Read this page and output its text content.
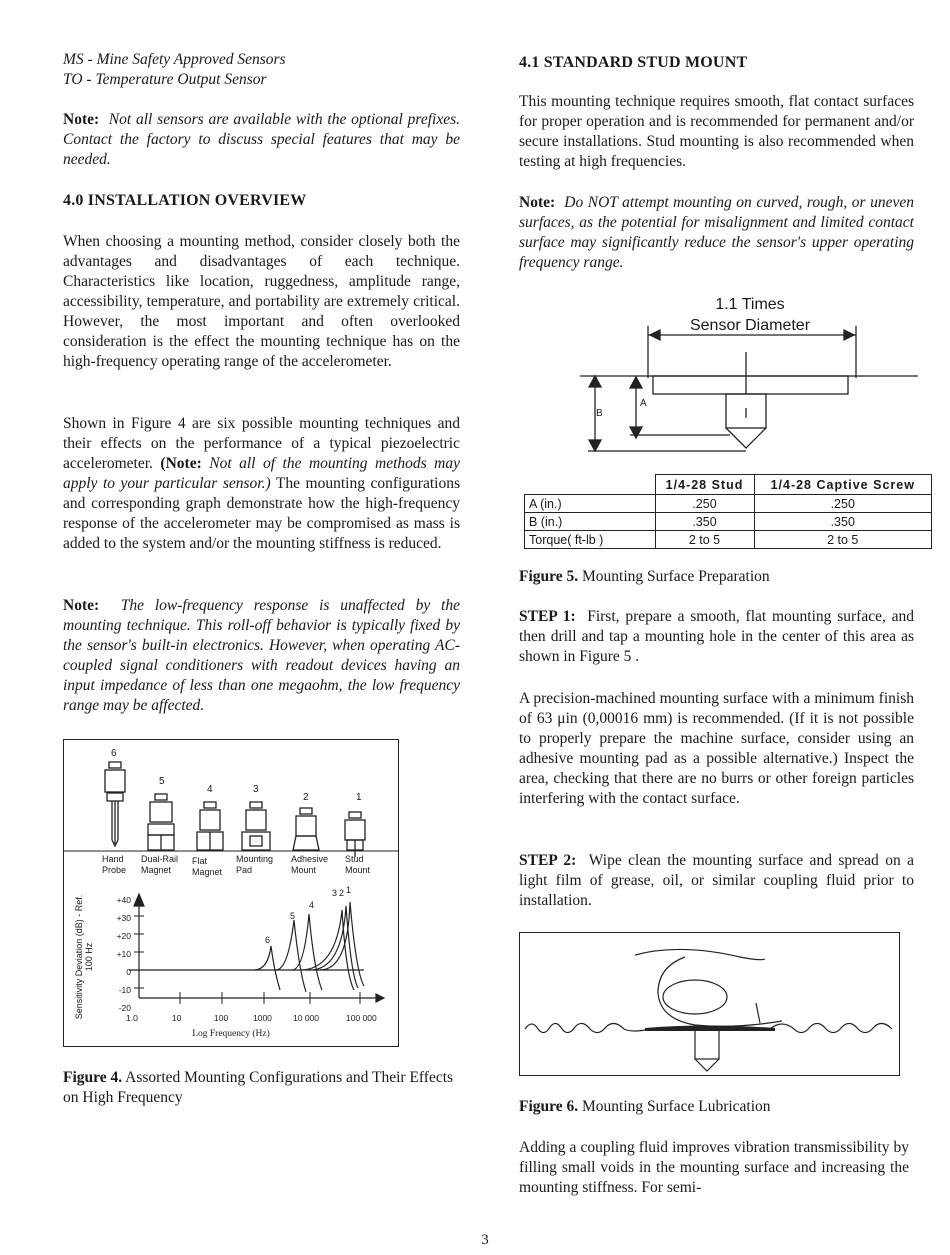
MS - Mine Safety Approved Sensors
TO - Temperature Output Sensor

Note: Not all sensors are available with the optional prefixes. Contact the factory to discuss special features that may be needed.

4.0 INSTALLATION OVERVIEW

When choosing a mounting method, consider closely both the advantages and disadvantages of each technique. Characteristics like location, ruggedness, amplitude range, accessibility, temperature, and portability are extremely critical. However, the most important and often overlooked consideration is the effect the mounting technique has on the high-frequency operating range of the accelerometer.

Shown in Figure 4 are six possible mounting techniques and their effects on the performance of a typical piezoelectric accelerometer. (Note: Not all of the mounting methods may apply to your particular sensor.) The mounting configurations and corresponding graph demonstrate how the high-frequency response of the accelerometer may be compromised as mass is added to the system and/or the mounting stiffness is reduced.

Note: The low-frequency response is unaffected by the mounting technique. This roll-off behavior is typically fixed by the sensor's built-in electronics. However, when operating AC-coupled signal conditioners with readout devices having an input impedance of less than one megaohm, the low frequency range may be affected.

6
5
4	3
2	1
Hand
Probe
Dual-Rail
Magnet
Flat
Magnet
Mounting
Pad
Adhesive
Mount
Stud
Mount
Sensitivity Deviation (dB) - Ref. 100 Hz
+40
+30
+20
+10
0
-10
-20
1.0	10	100	1000 10 000	100 000
Log Frequency (Hz)
6
5
4
3 2 1
Figure 4. Assorted Mounting Configurations and Their Effects on High Frequency
4.1 STANDARD STUD MOUNT

This mounting technique requires smooth, flat contact surfaces for proper operation and is recommended for permanent and/or secure installations. Stud mounting is also recommended when testing at high frequencies.

Note: Do NOT attempt mounting on curved, rough, or uneven surfaces, as the potential for misalignment and limited contact surface may significantly reduce the sensor's upper operating frequency range.

1.1 Times
Sensor Diameter
A
B
	1/4-28 Stud	1/4-28 Captive Screw
A (in.)	.250	.250
B (in.)	.350	.350
Torque( ft-lb )	2 to 5	2 to 5
Figure 5. Mounting Surface Preparation

STEP 1: First, prepare a smooth, flat mounting surface, and then drill and tap a mounting hole in the center of this area as shown in Figure 5 .

A precision-machined mounting surface with a minimum finish of 63 μin (0,00016 mm) is recommended. (If it is not possible to properly prepare the machine surface, consider using an adhesive mounting pad as a possible alternative.) Inspect the area, checking that there are no burrs or other foreign particles interfering with the contact surface.

STEP 2: Wipe clean the mounting surface and spread on a light film of grease, oil, or similar coupling fluid prior to installation.

Figure 6. Mounting Surface Lubrication

Adding a coupling fluid improves vibration transmissibility by filling small voids in the mounting surface and increasing the mounting stiffness. For semi-

3
